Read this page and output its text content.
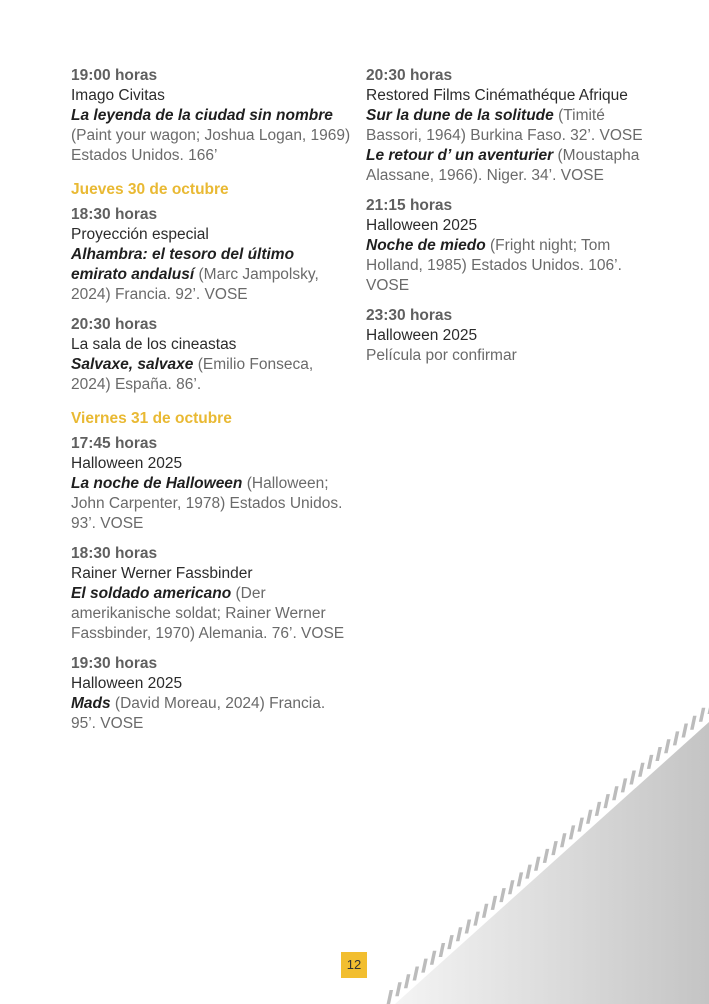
19:00 horas
Imago Civitas
La leyenda de la ciudad sin nombre (Paint your wagon; Joshua Logan, 1969) Estados Unidos. 166’
Jueves 30 de octubre
18:30 horas
Proyección especial
Alhambra: el tesoro del último emirato andalusí (Marc Jampolsky, 2024) Francia. 92’. VOSE
20:30 horas
La sala de los cineastas
Salvaxe, salvaxe (Emilio Fonseca, 2024) España. 86’.
Viernes 31 de octubre
17:45 horas
Halloween 2025
La noche de Halloween (Halloween; John Carpenter, 1978) Estados Unidos. 93’. VOSE
18:30 horas
Rainer Werner Fassbinder
El soldado americano (Der amerikanische soldat; Rainer Werner Fassbinder, 1970) Alemania. 76’. VOSE
19:30 horas
Halloween 2025
Mads (David Moreau, 2024) Francia. 95’. VOSE
20:30 horas
Restored Films Cinémathéque Afrique
Sur la dune de la solitude (Timité Bassori, 1964) Burkina Faso. 32’. VOSE
Le retour d’ un aventurier (Moustapha Alassane, 1966). Niger. 34’. VOSE
21:15 horas
Halloween 2025
Noche de miedo (Fright night; Tom Holland, 1985) Estados Unidos. 106’. VOSE
23:30 horas
Halloween 2025
Película por confirmar
12
